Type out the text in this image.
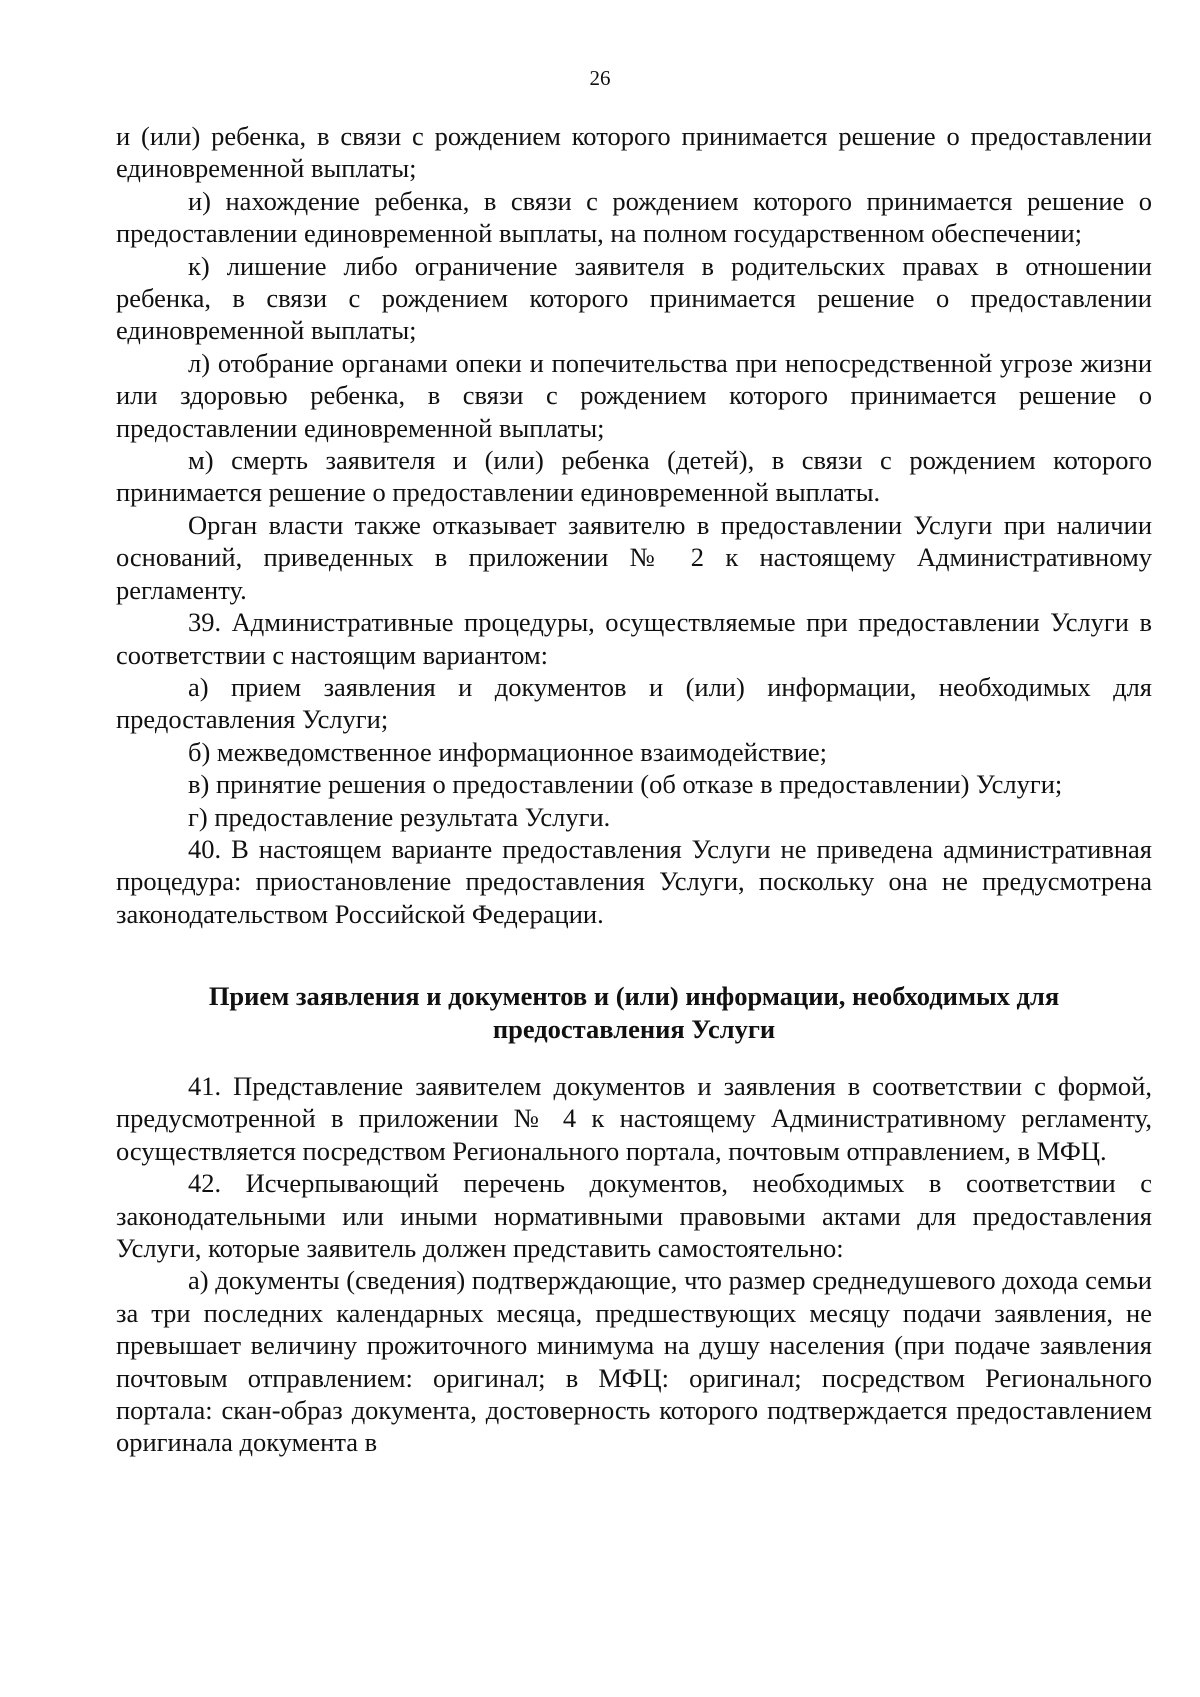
26

и (или) ребенка, в связи с рождением которого принимается решение о предоставлении единовременной выплаты;

и) нахождение ребенка, в связи с рождением которого принимается решение о предоставлении единовременной выплаты, на полном государственном обеспечении;

к) лишение либо ограничение заявителя в родительских правах в отношении ребенка, в связи с рождением которого принимается решение о предоставлении единовременной выплаты;

л) отобрание органами опеки и попечительства при непосредственной угрозе жизни или здоровью ребенка, в связи с рождением которого принимается решение о предоставлении единовременной выплаты;

м) смерть заявителя и (или) ребенка (детей), в связи с рождением которого принимается решение о предоставлении единовременной выплаты.

Орган власти также отказывает заявителю в предоставлении Услуги при наличии оснований, приведенных в приложении № 2 к настоящему Административному регламенту.

39. Административные процедуры, осуществляемые при предоставлении Услуги в соответствии с настоящим вариантом:

а) прием заявления и документов и (или) информации, необходимых для предоставления Услуги;

б) межведомственное информационное взаимодействие;

в) принятие решения о предоставлении (об отказе в предоставлении) Услуги;

г) предоставление результата Услуги.

40. В настоящем варианте предоставления Услуги не приведена административная процедура: приостановление предоставления Услуги, поскольку она не предусмотрена законодательством Российской Федерации.

Прием заявления и документов и (или) информации, необходимых для
предоставления Услуги

41. Представление заявителем документов и заявления в соответствии с формой, предусмотренной в приложении № 4 к настоящему Административному регламенту, осуществляется посредством Регионального портала, почтовым отправлением, в МФЦ.

42. Исчерпывающий перечень документов, необходимых в соответствии с законодательными или иными нормативными правовыми актами для предоставления Услуги, которые заявитель должен представить самостоятельно:

а) документы (сведения) подтверждающие, что размер среднедушевого дохода семьи за три последних календарных месяца, предшествующих месяцу подачи заявления, не превышает величину прожиточного минимума на душу населения (при подаче заявления почтовым отправлением: оригинал; в МФЦ: оригинал; посредством Регионального портала: скан-образ документа, достоверность которого подтверждается предоставлением оригинала документа в
